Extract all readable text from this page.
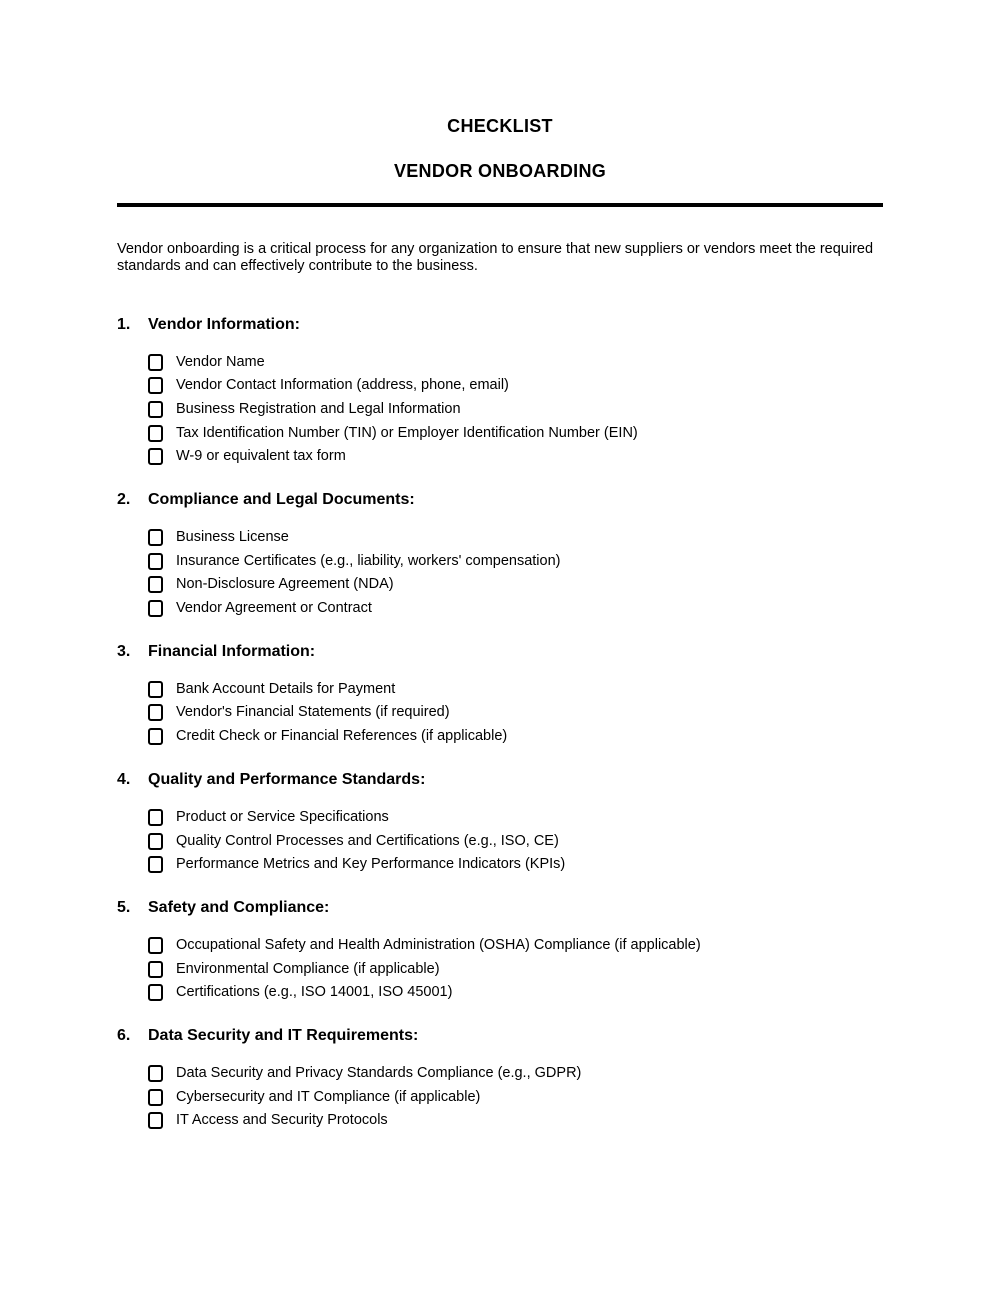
CHECKLIST
VENDOR ONBOARDING

Vendor onboarding is a critical process for any organization to ensure that new suppliers or vendors meet the required standards and can effectively contribute to the business.

1.	Vendor Information:
Vendor Name
Vendor Contact Information (address, phone, email)
Business Registration and Legal Information
Tax Identification Number (TIN) or Employer Identification Number (EIN)
W-9 or equivalent tax form
2.	Compliance and Legal Documents:
Business License
Insurance Certificates (e.g., liability, workers' compensation)
Non-Disclosure Agreement (NDA)
Vendor Agreement or Contract
3.	Financial Information:
Bank Account Details for Payment
Vendor's Financial Statements (if required)
Credit Check or Financial References (if applicable)
4.	Quality and Performance Standards:
Product or Service Specifications
Quality Control Processes and Certifications (e.g., ISO, CE)
Performance Metrics and Key Performance Indicators (KPIs)
5.	Safety and Compliance:
Occupational Safety and Health Administration (OSHA) Compliance (if applicable)
Environmental Compliance (if applicable)
Certifications (e.g., ISO 14001, ISO 45001)
6.	Data Security and IT Requirements:
Data Security and Privacy Standards Compliance (e.g., GDPR)
Cybersecurity and IT Compliance (if applicable)
IT Access and Security Protocols
